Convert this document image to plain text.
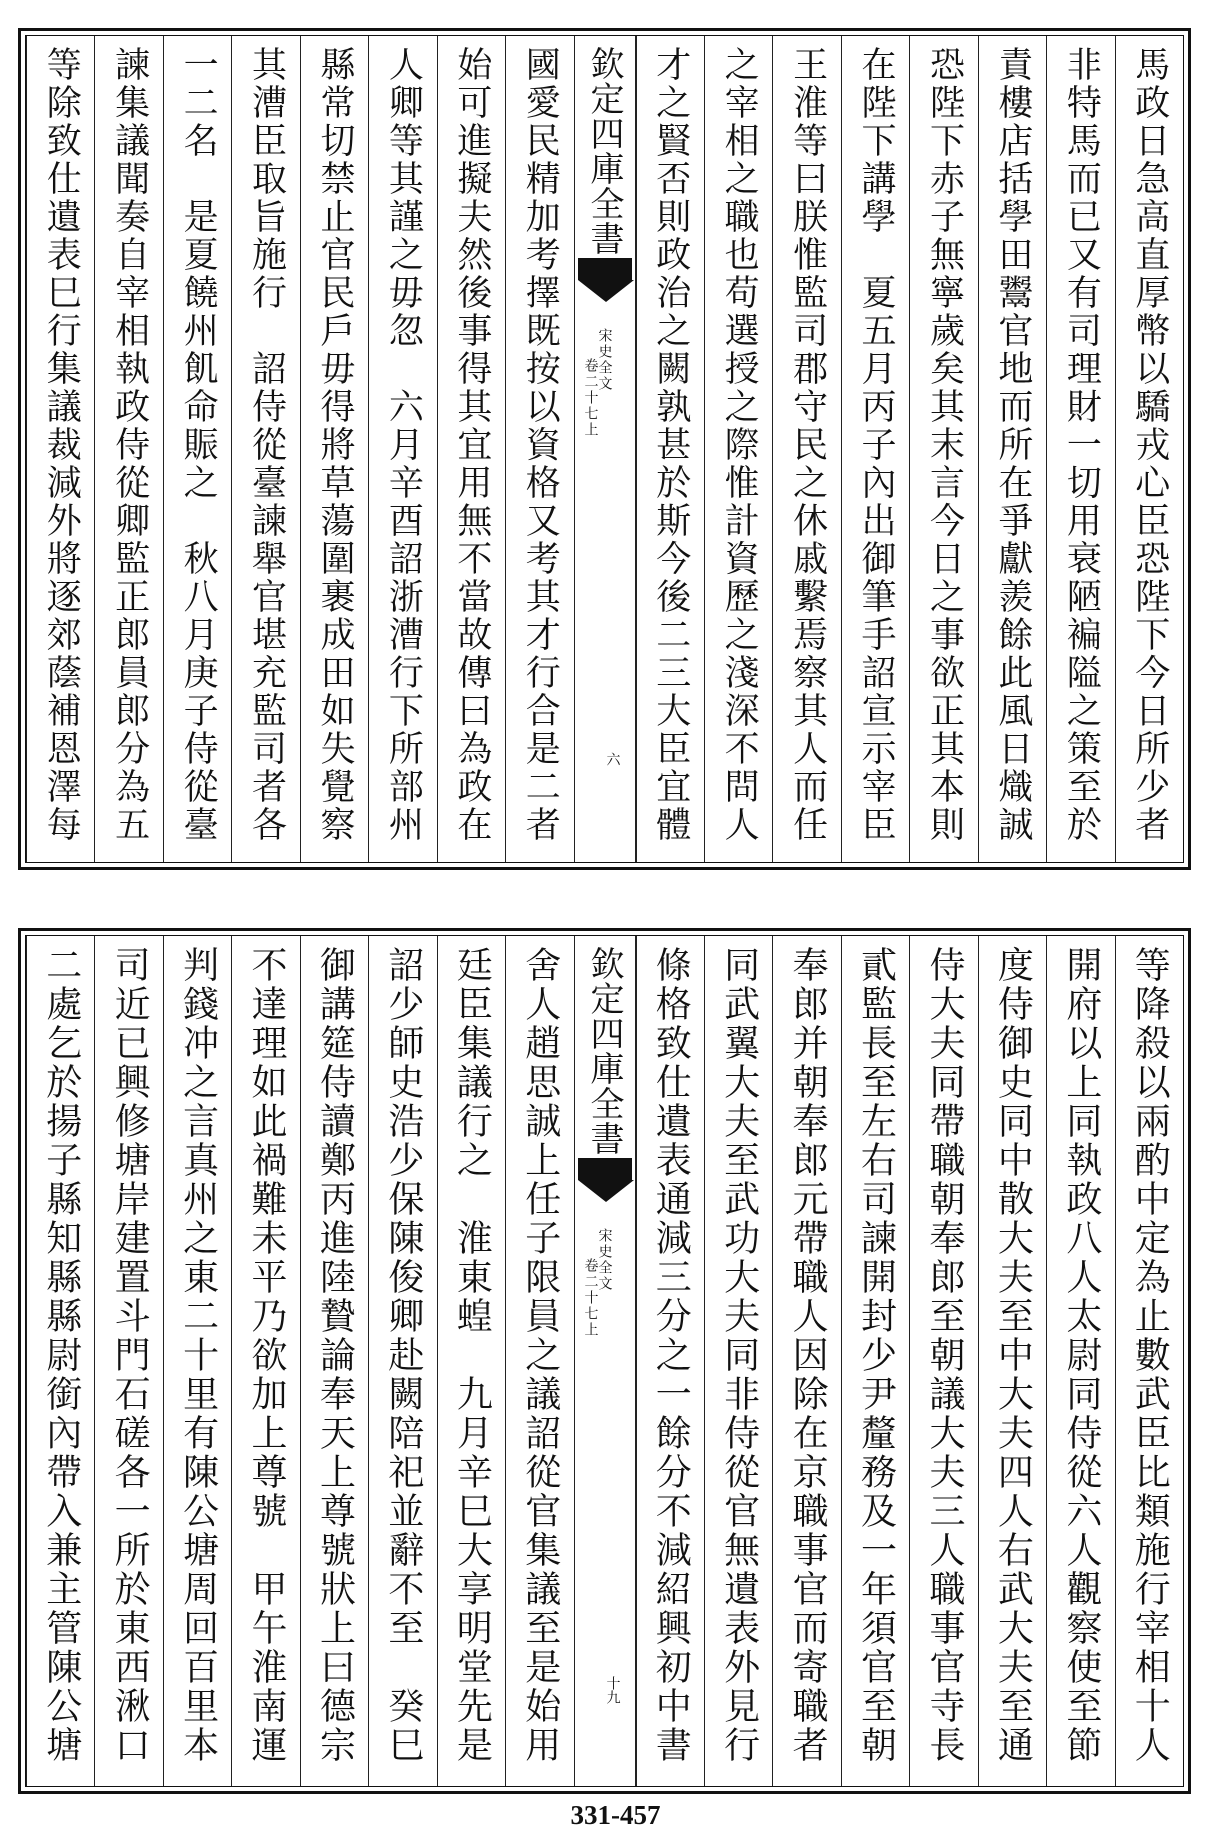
馬政日急高直厚幣以驕戎心臣恐陛下今日所少者
非特馬而已又有司理財一切用衰陋褊隘之策至於
責樓店括學田鬻官地而所在爭獻羨餘此風日熾誠
恐陛下赤子無寧歲矣其末言今日之事欲正其本則
在陛下講學　夏五月丙子內出御筆手詔宣示宰臣
王淮等曰朕惟監司郡守民之休戚繫焉察其人而任
之宰相之職也苟選授之際惟計資歷之淺深不問人
才之賢否則政治之闕孰甚於斯今後二三大臣宜體
國愛民精加考擇既按以資格又考其才行合是二者
始可進擬夫然後事得其宜用無不當故傳曰為政在
人卿等其謹之毋忽　六月辛酉詔浙漕行下所部州
縣常切禁止官民戶毋得將草蕩圍裹成田如失覺察
其漕臣取旨施行　詔侍從臺諫舉官堪充監司者各
一二名　是夏饒州飢命賑之　秋八月庚子侍從臺
諫集議聞奏自宰相執政侍從卿監正郎員郎分為五
等除致仕遺表巳行集議裁減外將逐郊蔭補恩澤每	欽定四庫全書
宋史全文
卷二十七上
六
等降殺以兩酌中定為止數武臣比類施行宰相十人
開府以上同執政八人太尉同侍從六人觀察使至節
度侍御史同中散大夫至中大夫四人右武大夫至通
侍大夫同帶職朝奉郎至朝議大夫三人職事官寺長
貳監長至左右司諫開封少尹釐務及一年須官至朝
奉郎并朝奉郎元帶職人因除在京職事官而寄職者
同武翼大夫至武功大夫同非侍從官無遺表外見行
條格致仕遺表通減三分之一餘分不減紹興初中書
舍人趙思誠上任子限員之議詔從官集議至是始用
廷臣集議行之　淮東蝗　九月辛巳大享明堂先是
詔少師史浩少保陳俊卿赴闕陪祀並辭不至　癸巳
御講筵侍讀鄭丙進陸贄論奉天上尊號狀上曰德宗
不達理如此禍難未平乃欲加上尊號　甲午淮南運
判錢冲之言真州之東二十里有陳公塘周回百里本
司近已興修塘岸建置斗門石磋各一所於東西湫口
二處乞於揚子縣知縣縣尉銜內帶入兼主管陳公塘	欽定四庫全書
宋史全文
卷二十七上
十九
331-457
